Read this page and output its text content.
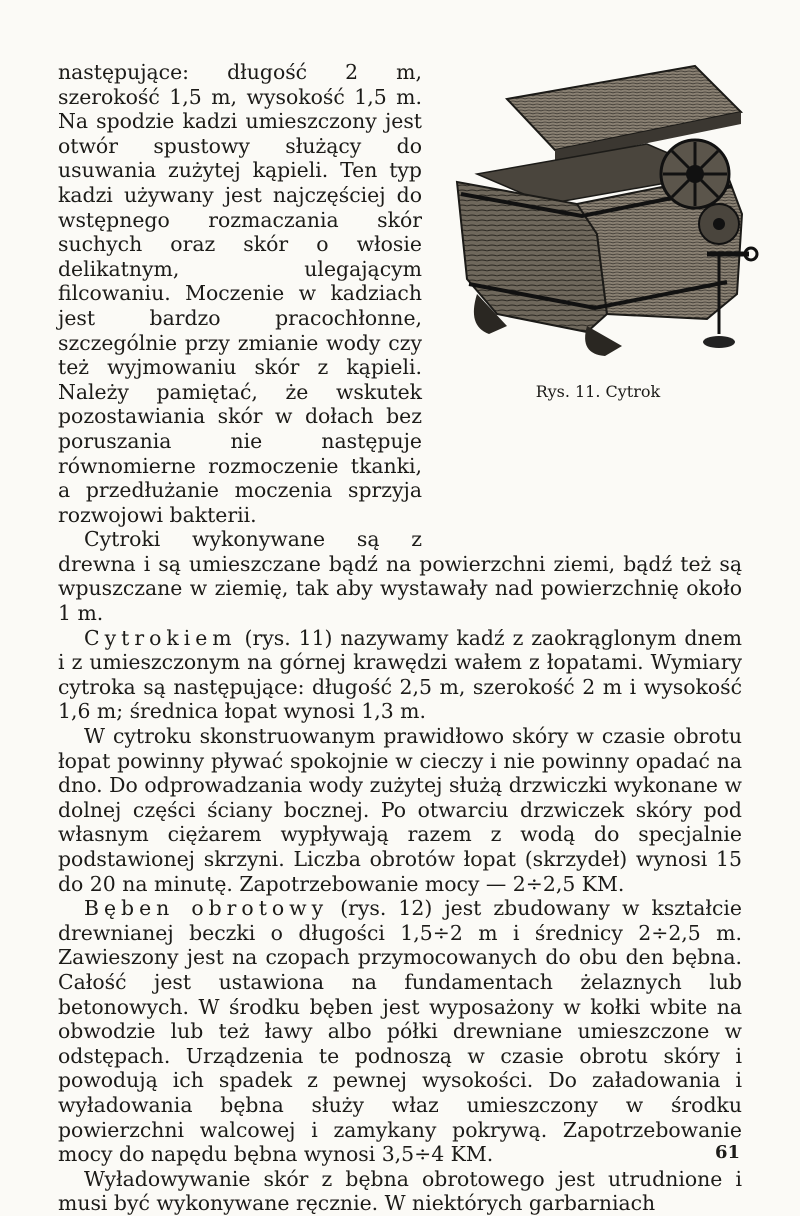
Rys. 11. Cytrok

następujące: długość 2 m, szerokość 1,5 m, wysokość 1,5 m. Na spodzie kadzi umieszczony jest otwór spustowy służący do usuwania zużytej kąpieli. Ten typ kadzi używany jest najczęściej do wstępnego rozmaczania skór suchych oraz skór o włosie delikatnym, ulegającym filcowaniu. Moczenie w kadziach jest bardzo pracochłonne, szczególnie przy zmianie wody czy też wyjmowaniu skór z kąpieli. Należy pamiętać, że wskutek pozostawiania skór w dołach bez poruszania nie następuje równomierne rozmoczenie tkanki, a przedłużanie moczenia sprzyja rozwojowi bakterii.

Cytroki wykonywane są z drewna i są umieszczane bądź na powierzchni ziemi, bądź też są wpuszczane w ziemię, tak aby wystawały nad powierzchnię około 1 m.

Cytrokiem (rys. 11) nazywamy kadź z zaokrąglonym dnem i z umieszczonym na górnej krawędzi wałem z łopatami. Wymiary cytroka są następujące: długość 2,5 m, szerokość 2 m i wysokość 1,6 m; średnica łopat wynosi 1,3 m.

W cytroku skonstruowanym prawidłowo skóry w czasie obrotu łopat powinny pływać spokojnie w cieczy i nie powinny opadać na dno. Do odprowadzania wody zużytej służą drzwiczki wykonane w dolnej części ściany bocznej. Po otwarciu drzwiczek skóry pod własnym ciężarem wypływają razem z wodą do specjalnie podstawionej skrzyni. Liczba obrotów łopat (skrzydeł) wynosi 15 do 20 na minutę. Zapotrzebowanie mocy — 2÷2,5 KM.

Bęben obrotowy (rys. 12) jest zbudowany w kształcie drewnianej beczki o długości 1,5÷2 m i średnicy 2÷2,5 m. Zawieszony jest na czopach przymocowanych do obu den bębna. Całość jest ustawiona na fundamentach żelaznych lub betonowych. W środku bęben jest wyposażony w kołki wbite na obwodzie lub też ławy albo półki drewniane umieszczone w odstępach. Urządzenia te podnoszą w czasie obrotu skóry i powodują ich spadek z pewnej wysokości. Do załadowania i wyładowania bębna służy właz umieszczony w środku powierzchni walcowej i zamykany pokrywą. Zapotrzebowanie mocy do napędu bębna wynosi 3,5÷4 KM.

Wyładowywanie skór z bębna obrotowego jest utrudnione i musi być wykonywane ręcznie. W niektórych garbarniach

61
